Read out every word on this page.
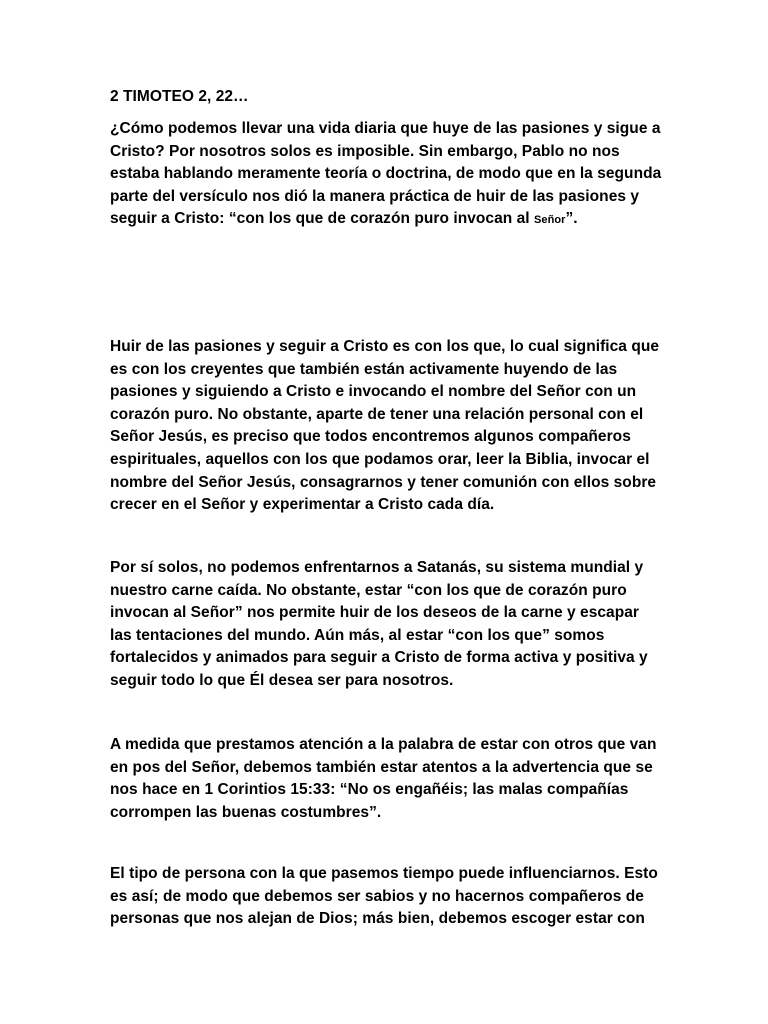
2 TIMOTEO 2, 22…

¿Cómo podemos llevar una vida diaria que huye de las pasiones y sigue a Cristo? Por nosotros solos es imposible. Sin embargo, Pablo no nos estaba hablando meramente teoría o doctrina, de modo que en la segunda parte del versículo nos dió la manera práctica de huir de las pasiones y seguir a Cristo: “con los que de corazón puro invocan al Señor”.

Huir de las pasiones y seguir a Cristo es con los que, lo cual significa que es con los creyentes que también están activamente huyendo de las pasiones y siguiendo a Cristo e invocando el nombre del Señor con un corazón puro. No obstante, aparte de tener una relación personal con el Señor Jesús, es preciso que todos encontremos algunos compañeros espirituales, aquellos con los que podamos orar, leer la Biblia, invocar el nombre del Señor Jesús, consagrarnos y tener comunión con ellos sobre crecer en el Señor y experimentar a Cristo cada día.

Por sí solos, no podemos enfrentarnos a Satanás, su sistema mundial y nuestro carne caída. No obstante, estar “con los que de corazón puro invocan al Señor” nos permite huir de los deseos de la carne y escapar las tentaciones del mundo. Aún más, al estar “con los que” somos fortalecidos y animados para seguir a Cristo de forma activa y positiva y seguir todo lo que Él desea ser para nosotros.

A medida que prestamos atención a la palabra de estar con otros que van en pos del Señor, debemos también estar atentos a la advertencia que se nos hace en 1 Corintios 15:33: “No os engañéis; las malas compañías corrompen las buenas costumbres”.

El tipo de persona con la que pasemos tiempo puede influenciarnos. Esto es así; de modo que debemos ser sabios y no hacernos compañeros de personas que nos alejan de Dios; más bien, debemos escoger estar con
